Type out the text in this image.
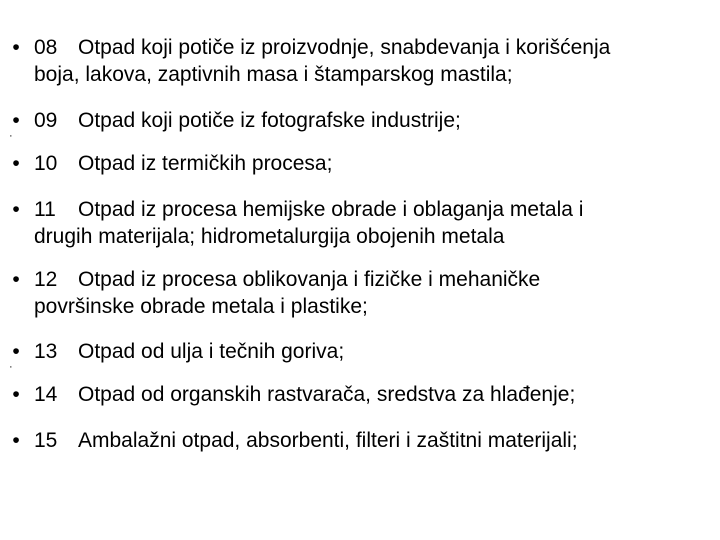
• 08 Otpad koji potiče iz proizvodnje, snabdevanja i korišćenja
boja, lakova, zaptivnih masa i štamparskog mastila;
• 09 Otpad koji potiče iz fotografske industrije;
·
• 10 Otpad iz termičkih procesa;
• 11 Otpad iz procesa hemijske obrade i oblaganja metala i
drugih materijala; hidrometalurgija obojenih metala
• 12 Otpad iz procesa oblikovanja i fizičke i mehaničke
površinske obrade metala i plastike;
• 13 Otpad od ulja i tečnih goriva;
·
• 14 Otpad od organskih rastvarača, sredstva za hlađenje;
• 15 Ambalažni otpad, absorbenti, filteri i zaštitni materijali;
